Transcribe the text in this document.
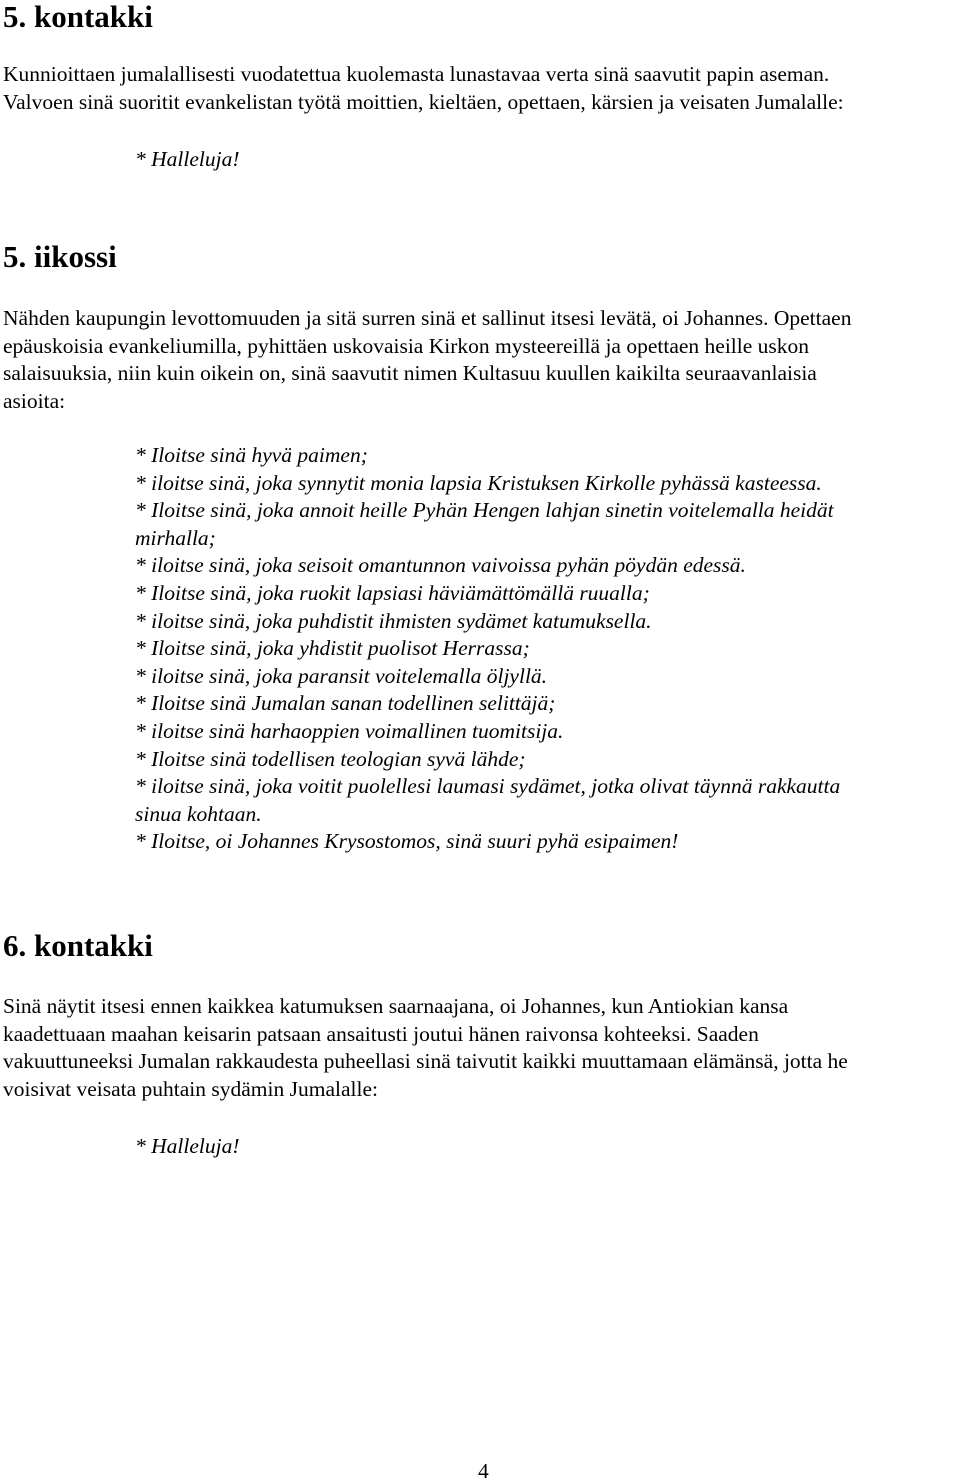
5. kontakki
Kunnioittaen jumalallisesti vuodatettua kuolemasta lunastavaa verta sinä saavutit papin aseman.
Valvoen sinä suoritit evankelistan työtä moittien, kieltäen, opettaen, kärsien ja veisaten Jumalalle:

* Halleluja!

5. iikossi
Nähden kaupungin levottomuuden ja sitä surren sinä et sallinut itsesi levätä, oi Johannes. Opettaen
epäuskoisia evankeliumilla, pyhittäen uskovaisia Kirkon mysteereillä ja opettaen heille uskon
salaisuuksia, niin kuin oikein on, sinä saavutit nimen Kultasuu kuullen kaikilta seuraavanlaisia
asioita:
* Iloitse sinä hyvä paimen;
* iloitse sinä, joka synnytit monia lapsia Kristuksen Kirkolle pyhässä kasteessa.
* Iloitse sinä, joka annoit heille Pyhän Hengen lahjan sinetin voitelemalla heidät
mirhalla;
* iloitse sinä, joka seisoit omantunnon vaivoissa pyhän pöydän edessä.
* Iloitse sinä, joka ruokit lapsiasi häviämättömällä ruualla;
* iloitse sinä, joka puhdistit ihmisten sydämet katumuksella.
* Iloitse sinä, joka yhdistit puolisot Herrassa;
* iloitse sinä, joka paransit voitelemalla öljyllä.
* Iloitse sinä Jumalan sanan todellinen selittäjä;
* iloitse sinä harhaoppien voimallinen tuomitsija.
* Iloitse sinä todellisen teologian syvä lähde;
* iloitse sinä, joka voitit puolellesi laumasi sydämet, jotka olivat täynnä rakkautta
sinua kohtaan.
* Iloitse, oi Johannes Krysostomos, sinä suuri pyhä esipaimen!
6. kontakki
Sinä näytit itsesi ennen kaikkea katumuksen saarnaajana, oi Johannes, kun Antiokian kansa
kaadettuaan maahan keisarin patsaan ansaitusti joutui hänen raivonsa kohteeksi. Saaden
vakuuttuneeksi Jumalan rakkaudesta puheellasi sinä taivutit kaikki muuttamaan elämänsä, jotta he
voisivat veisata puhtain sydämin Jumalalle:

* Halleluja!

4
